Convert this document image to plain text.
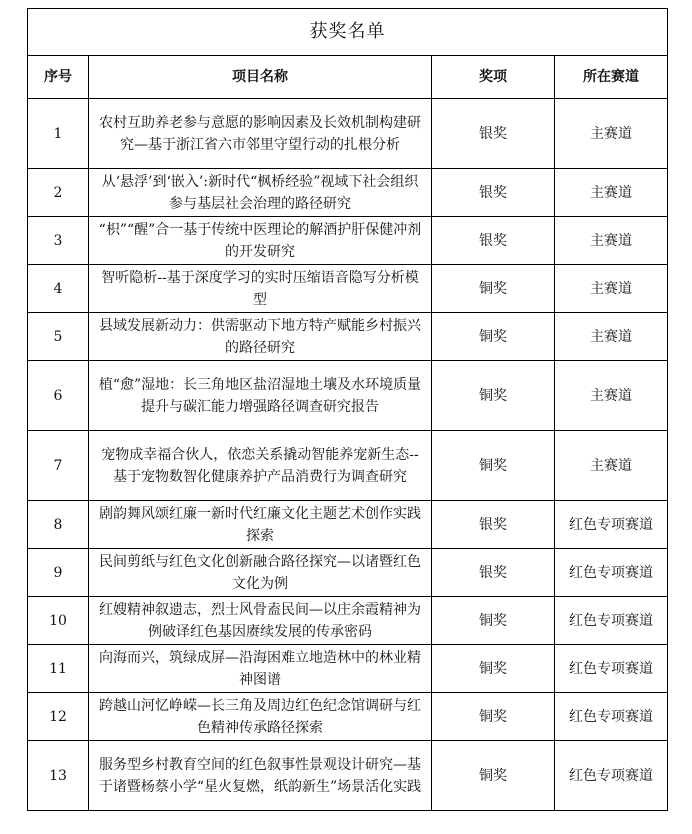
获奖名单			
序号	项目名称	奖项	所在赛道
1	农村互助养老参与意愿的影响因素及长效机制构建研究—基于浙江省六市邻里守望行动的扎根分析	银奖	主赛道
2	从‘悬浮’到‘嵌入’:新时代“枫桥经验”视域下社会组织参与基层社会治理的路径研究	银奖	主赛道
3	“枳”“醒”合一基于传统中医理论的解酒护肝保健冲剂的开发研究	银奖	主赛道
4	智听隐析--基于深度学习的实时压缩语音隐写分析模型	铜奖	主赛道
5	县域发展新动力：供需驱动下地方特产赋能乡村振兴的路径研究	铜奖	主赛道
6	植“愈”湿地：长三角地区盐沼湿地土壤及水环境质量提升与碳汇能力增强路径调查研究报告	铜奖	主赛道
7	宠物成幸福合伙人，依恋关系撬动智能养宠新生态--基于宠物数智化健康养护产品消费行为调查研究	铜奖	主赛道
8	剧韵舞风颂红廉一新时代红廉文化主题艺术创作实践探索	银奖	红色专项赛道
9	民间剪纸与红色文化创新融合路径探究—以诸暨红色文化为例	银奖	红色专项赛道
10	红嫂精神叙遗志，烈士风骨盍民间—以庄余霞精神为例破译红色基因赓续发展的传承密码	铜奖	红色专项赛道
11	向海而兴，筑绿成屏—沿海困难立地造林中的林业精神图谱	铜奖	红色专项赛道
12	跨越山河忆峥嵘—长三角及周边红色纪念馆调研与红色精神传承路径探索	铜奖	红色专项赛道
13	服务型乡村教育空间的红色叙事性景观设计研究—基于诸暨杨蔡小学“星火复燃，纸韵新生”场景活化实践	铜奖	红色专项赛道
